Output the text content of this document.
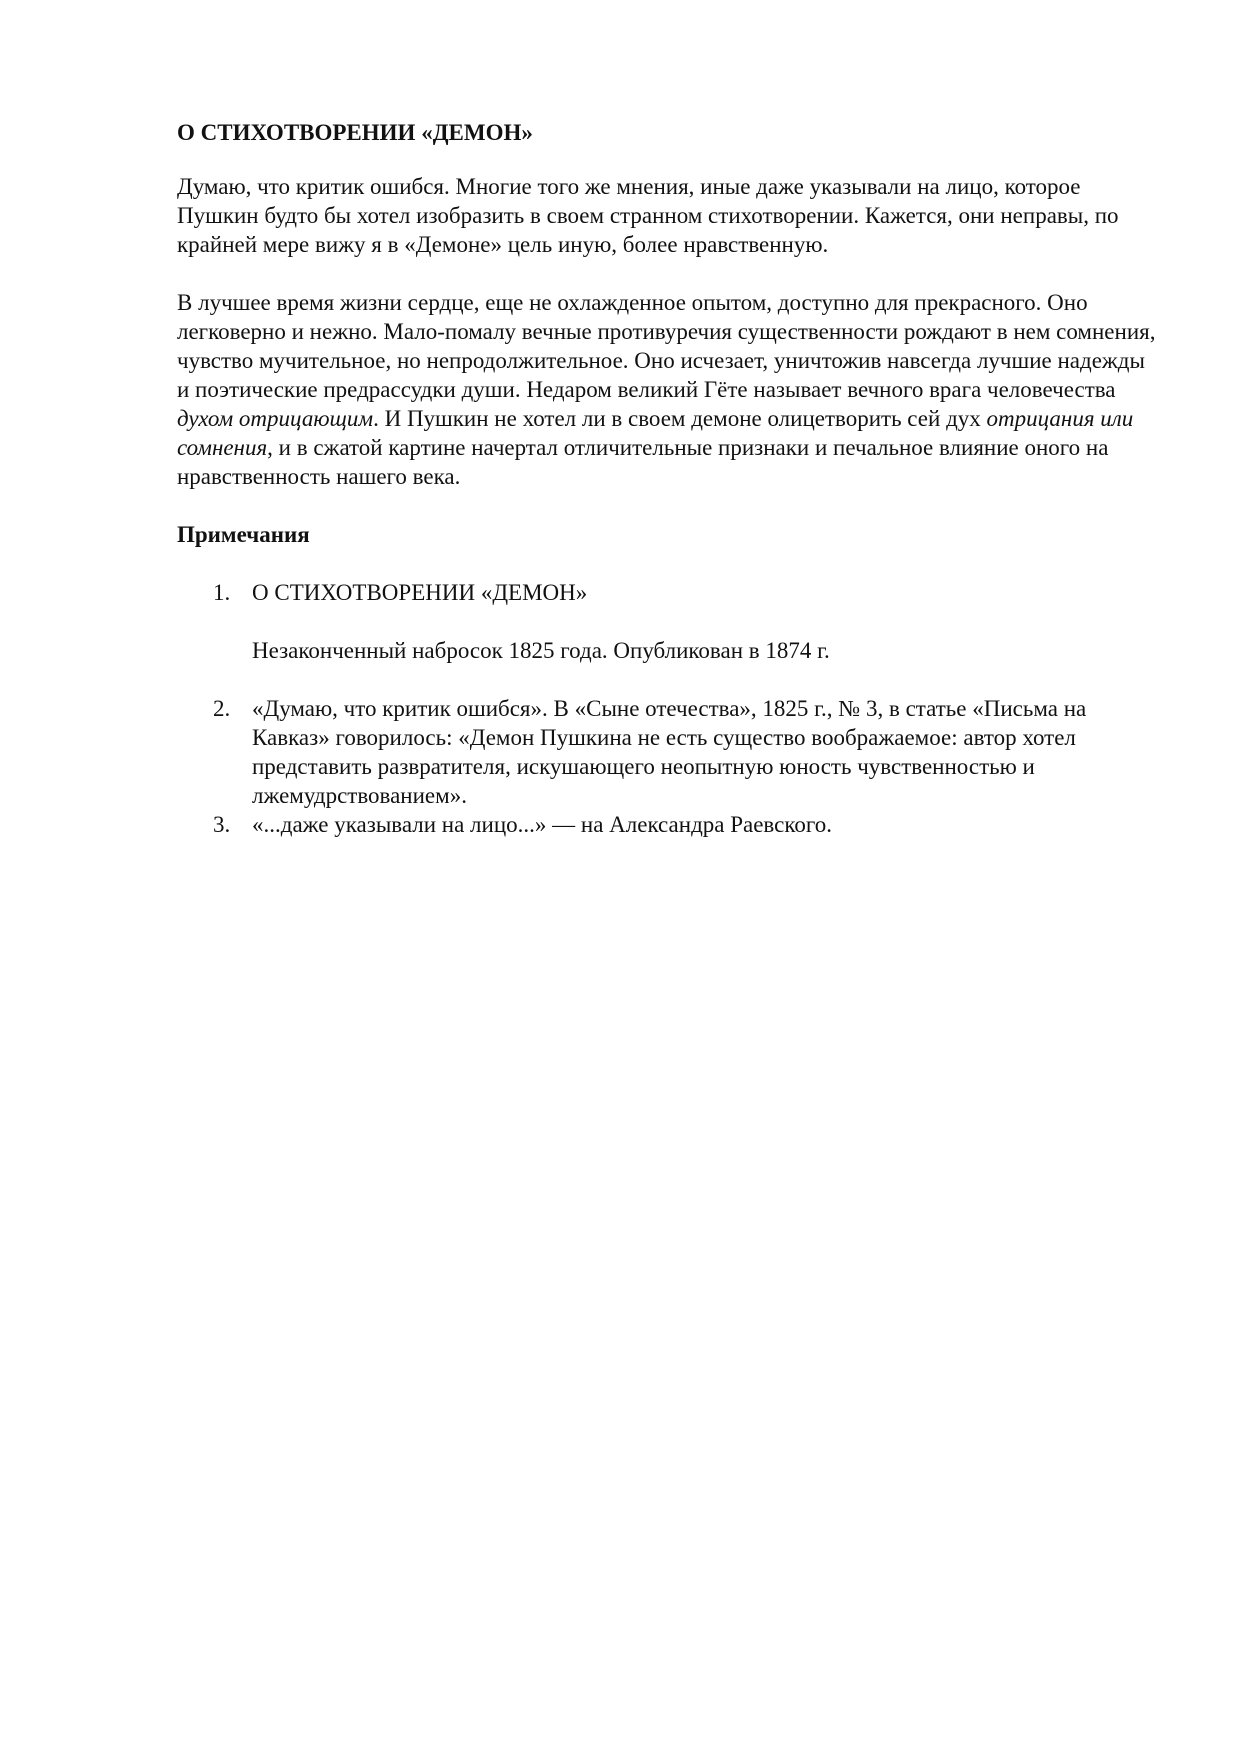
О СТИХОТВОРЕНИИ «ДЕМОН»

Думаю, что критик ошибся. Многие того же мнения, иные даже указывали на лицо, которое Пушкин будто бы хотел изобразить в своем странном стихотворении. Кажется, они неправы, по крайней мере вижу я в «Демоне» цель иную, более нравственную.

В лучшее время жизни сердце, еще не охлажденное опытом, доступно для прекрасного. Оно легковерно и нежно. Мало-помалу вечные противуречия существенности рождают в нем сомнения, чувство мучительное, но непродолжительное. Оно исчезает, уничтожив навсегда лучшие надежды и поэтические предрассудки души. Недаром великий Гёте называет вечного врага человечества духом отрицающим. И Пушкин не хотел ли в своем демоне олицетворить сей дух отрицания или сомнения, и в сжатой картине начертал отличительные признаки и печальное влияние оного на нравственность нашего века.

Примечания
1. О СТИХОТВОРЕНИИ «ДЕМОН»
Незаконченный набросок 1825 года. Опубликован в 1874 г.
2. «Думаю, что критик ошибся». В «Сыне отечества», 1825 г., № 3, в статье «Письма на Кавказ» говорилось: «Демон Пушкина не есть существо воображаемое: автор хотел представить развратителя, искушающего неопытную юность чувственностью и лжемудрствованием».
3. «...даже указывали на лицо...» — на Александра Раевского.
